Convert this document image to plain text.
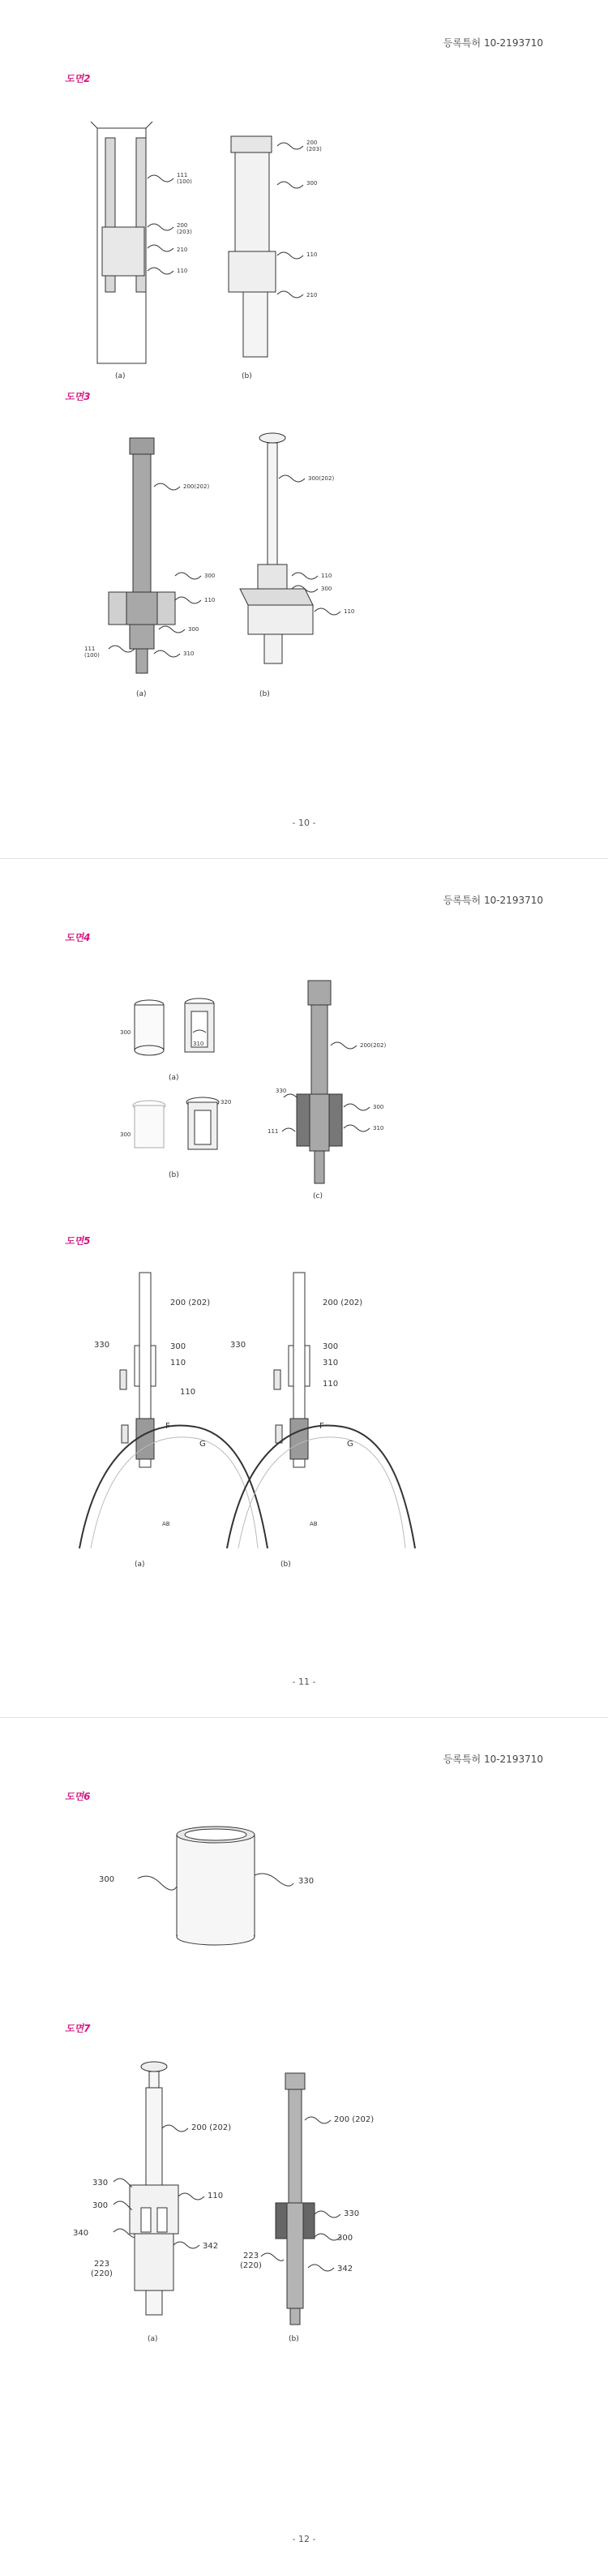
등록특허 10-2193710
도면2
111
(100)
200
(203)
210
110
200
(203)
300
110
210
(a)	(b)
도면3
200(202)
300
110
300
310
111
(100)
300(202)
110
300
110
(a)	(b)
- 10 -
등록특허 10-2193710
도면4
300
310
300
320
200(202)
330
300
111	310
(a)
(b)
(c)
도면5
330
200 (202)
300
110
110
F
G
AB
330
200 (202)
300
310
110
F
G
AB
(a)	(b)
- 11 -
등록특허 10-2193710
도면6
300	330
도면7
200 (202)
330
110
300
340
342
223
(220)
200 (202)
330
300
223
(220)	342
(a)	(b)
- 12 -
